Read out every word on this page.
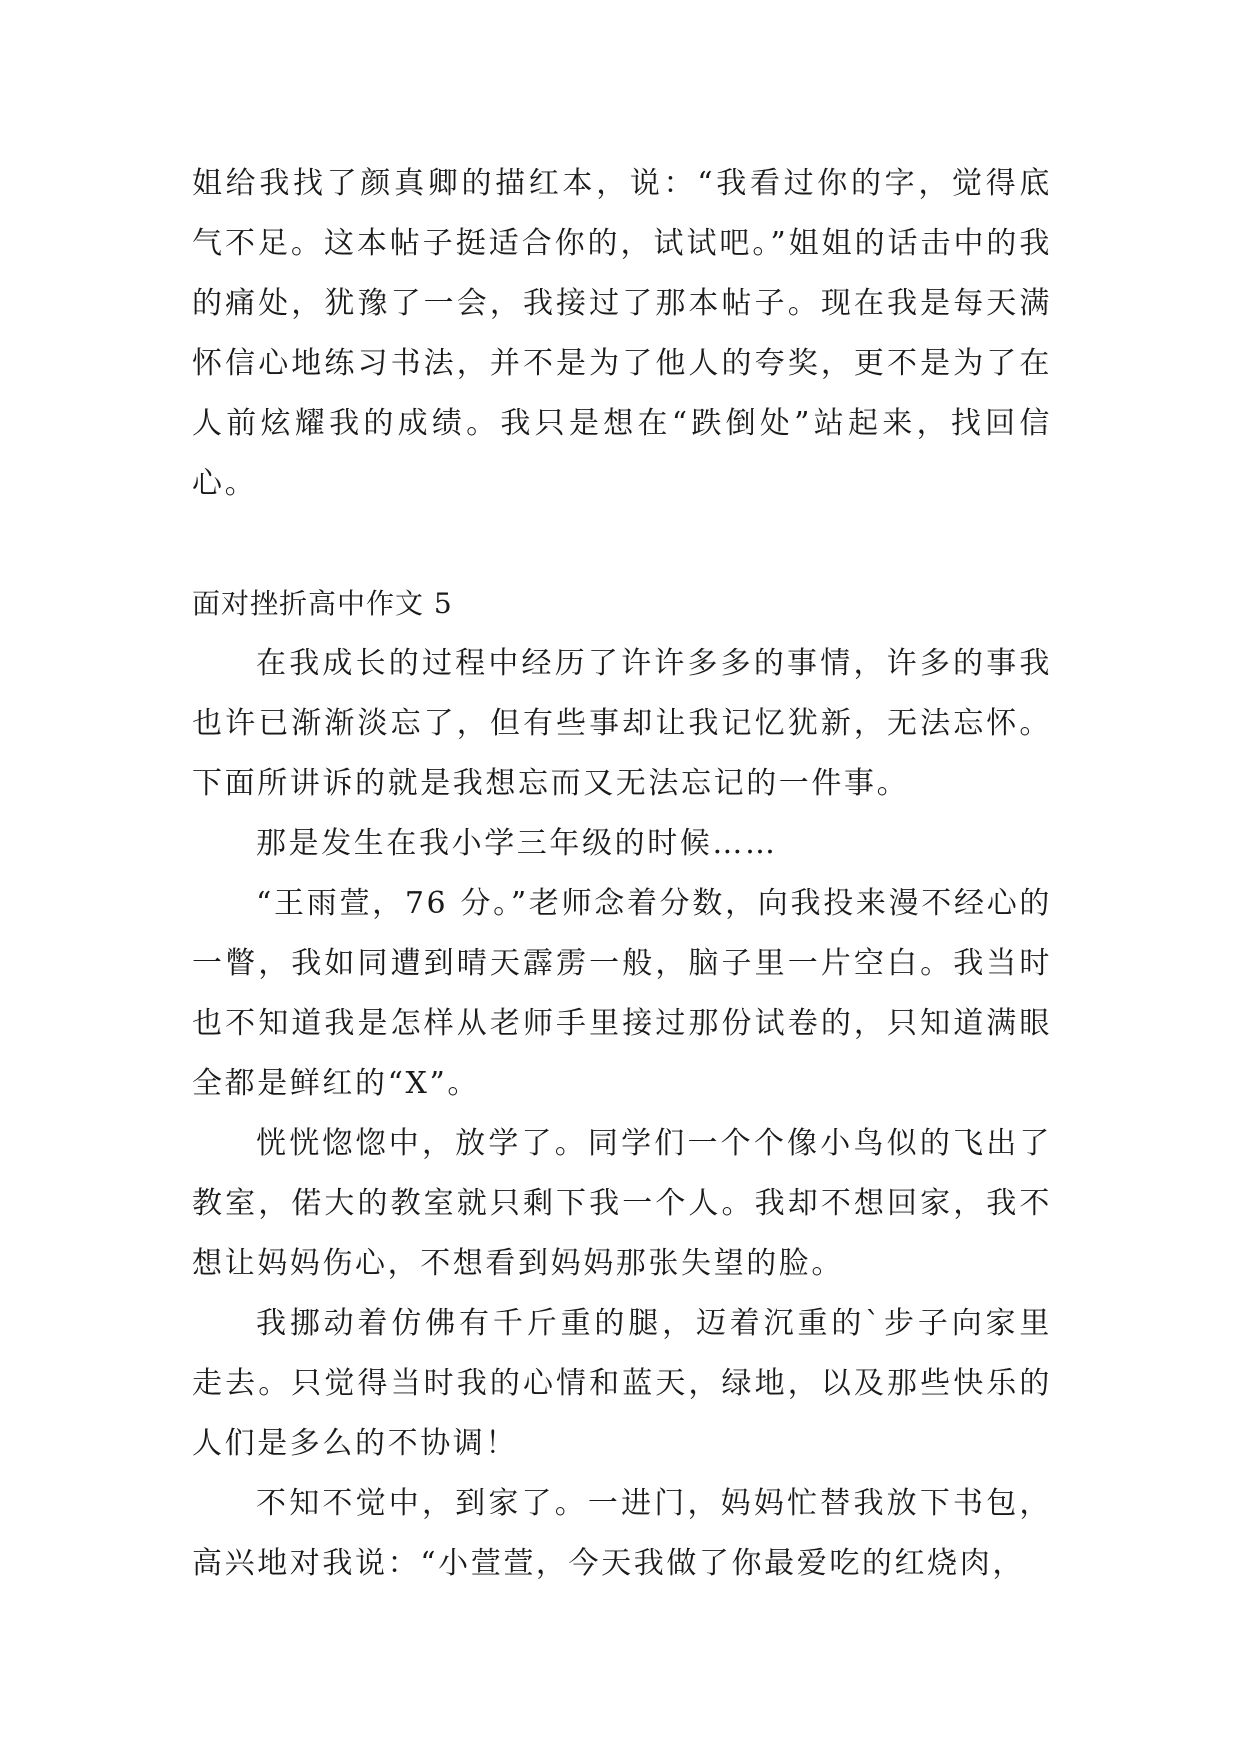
姐给我找了颜真卿的描红本，说：“我看过你的字，觉得底气不足。这本帖子挺适合你的，试试吧。”姐姐的话击中的我的痛处，犹豫了一会，我接过了那本帖子。现在我是每天满怀信心地练习书法，并不是为了他人的夸奖，更不是为了在人前炫耀我的成绩。我只是想在“跌倒处”站起来，找回信心。

面对挫折高中作文 5

在我成长的过程中经历了许许多多的事情，许多的事我也许已渐渐淡忘了，但有些事却让我记忆犹新，无法忘怀。下面所讲诉的就是我想忘而又无法忘记的一件事。

那是发生在我小学三年级的时候……

“王雨萱，76 分。”老师念着分数，向我投来漫不经心的一瞥，我如同遭到晴天霹雳一般，脑子里一片空白。我当时也不知道我是怎样从老师手里接过那份试卷的，只知道满眼全都是鲜红的“X”。

恍恍惚惚中，放学了。同学们一个个像小鸟似的飞出了教室，偌大的教室就只剩下我一个人。我却不想回家，我不想让妈妈伤心，不想看到妈妈那张失望的脸。

我挪动着仿佛有千斤重的腿，迈着沉重的`步子向家里走去。只觉得当时我的心情和蓝天，绿地，以及那些快乐的人们是多么的不协调！

不知不觉中，到家了。一进门，妈妈忙替我放下书包，高兴地对我说：“小萱萱，今天我做了你最爱吃的红烧肉，
